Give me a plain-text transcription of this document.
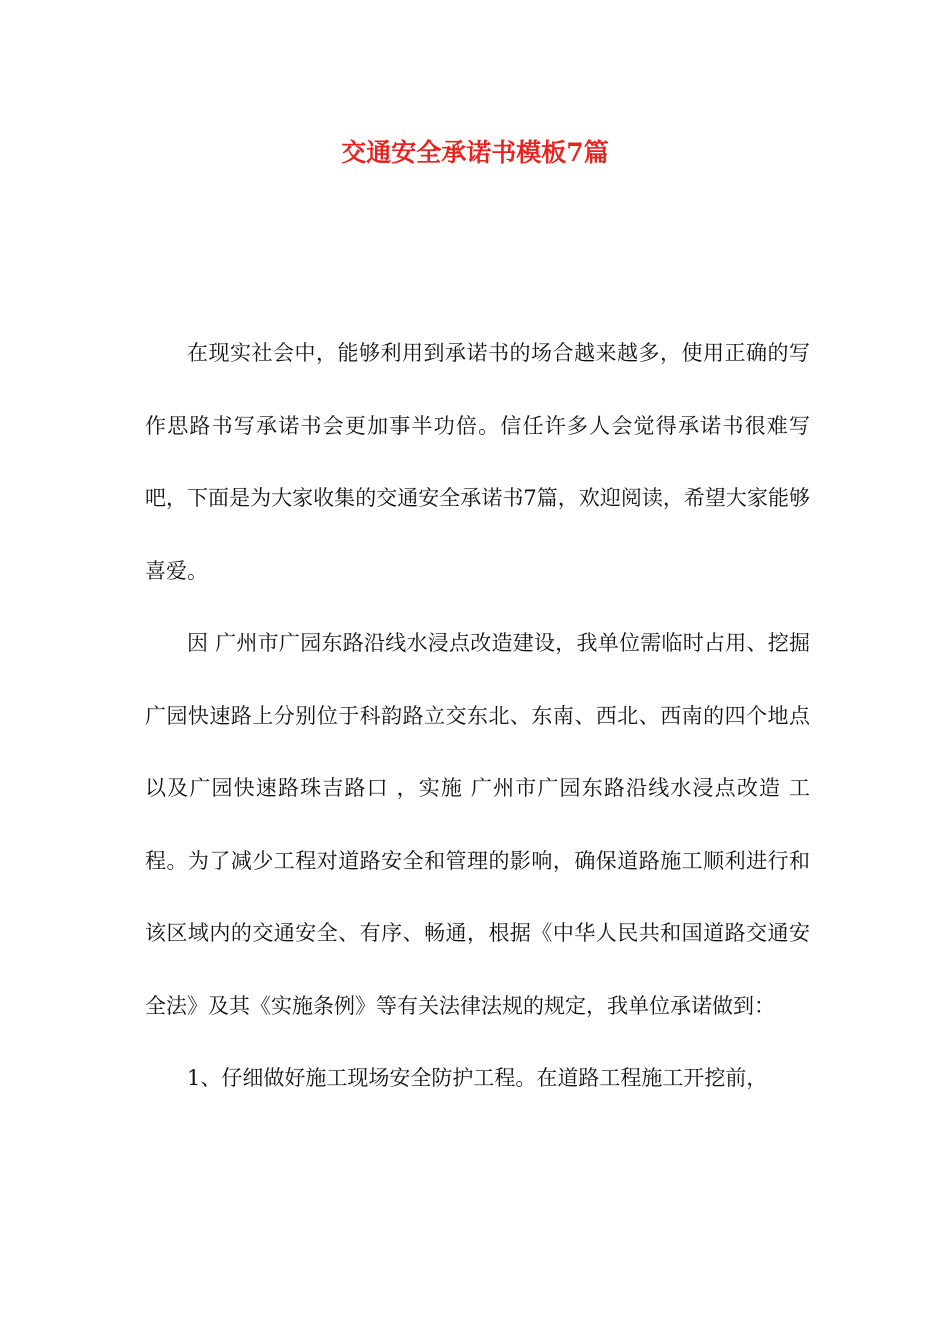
交通安全承诺书模板7篇

在现实社会中，能够利用到承诺书的场合越来越多，使用正确的写作思路书写承诺书会更加事半功倍。信任许多人会觉得承诺书很难写吧，下面是为大家收集的交通安全承诺书7篇，欢迎阅读，希望大家能够喜爱。

因 广州市广园东路沿线水浸点改造建设，我单位需临时占用、挖掘 广园快速路上分别位于科韵路立交东北、东南、西北、西南的四个地点以及广园快速路珠吉路口 ，实施 广州市广园东路沿线水浸点改造 工程。为了减少工程对道路安全和管理的影响，确保道路施工顺利进行和该区域内的交通安全、有序、畅通，根据《中华人民共和国道路交通安全法》及其《实施条例》等有关法律法规的规定，我单位承诺做到：

1、仔细做好施工现场安全防护工程。在道路工程施工开挖前，
